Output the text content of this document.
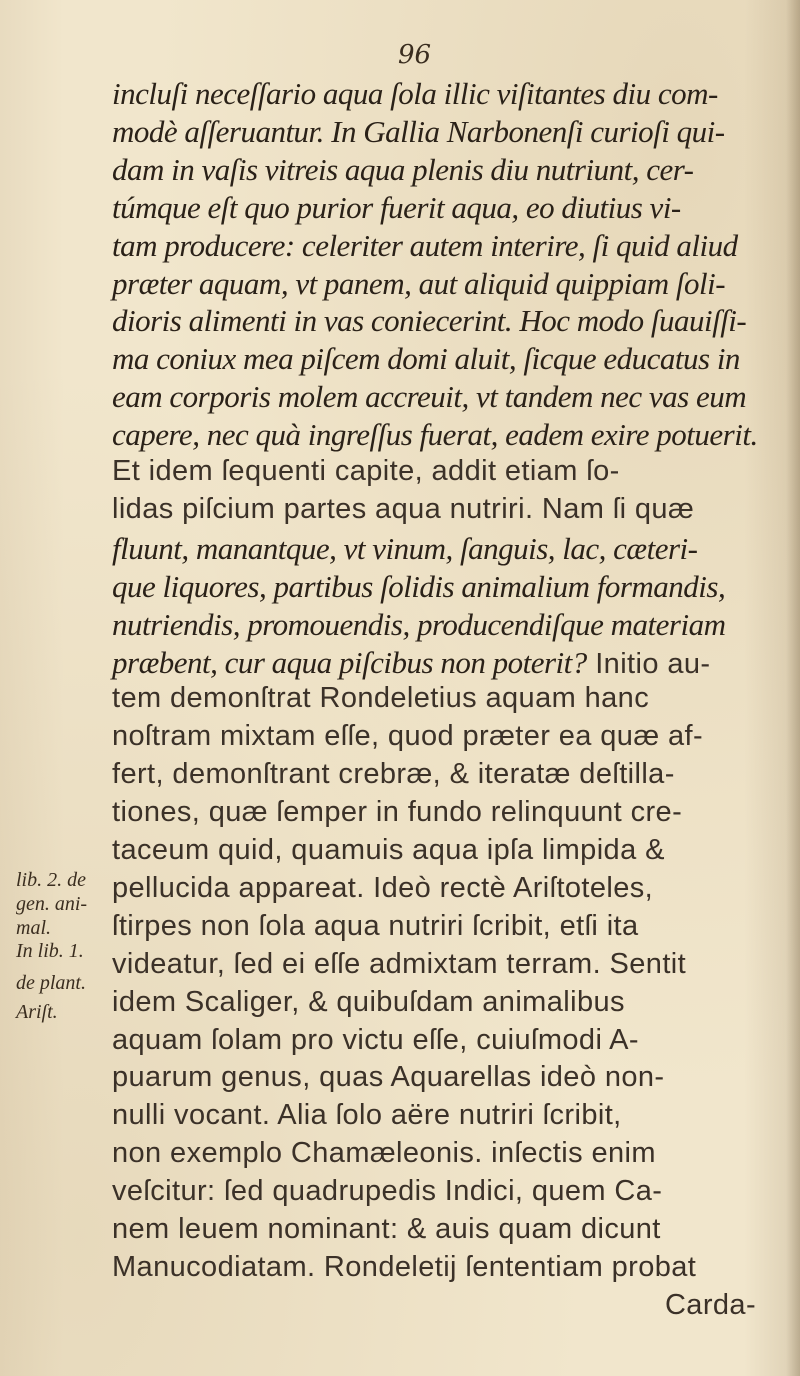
96
incluſi neceſſario aqua ſola illic viſitantes diu com-
modè aſſeruantur. In Gallia Narbonenſi curioſi qui-
dam in vaſis vitreis aqua plenis diu nutriunt, cer-
túmque eſt quo purior fuerit aqua, eo diutius vi-
tam producere: celeriter autem interire, ſi quid aliud
præter aquam, vt panem, aut aliquid quippiam ſoli-
dioris alimenti in vas coniecerint. Hoc modo ſuauiſſi-
ma coniux mea piſcem domi aluit, ſicque educatus in
eam corporis molem accreuit, vt tandem nec vas eum
capere, nec quà ingreſſus fuerat, eadem exire potuerit.
Et idem ſequenti capite, addit etiam ſo-
lidas piſcium partes aqua nutriri. Nam ſi quæ
fluunt, manantque, vt vinum, ſanguis, lac, cæteri-
que liquores, partibus ſolidis animalium formandis,
nutriendis, promouendis, producendiſque materiam
præbent, cur aqua piſcibus non poterit? Initio au-
tem demonſtrat Rondeletius aquam hanc
noſtram mixtam eſſe, quod præter ea quæ af-
fert, demonſtrant crebræ, & iteratæ deſtilla-
tiones, quæ ſemper in fundo relinquunt cre-
taceum quid, quamuis aqua ipſa limpida &
pellucida appareat. Ideò rectè Ariſtoteles,
ſtirpes non ſola aqua nutriri ſcribit, etſi ita
videatur, ſed ei eſſe admixtam terram. Sentit
idem Scaliger, & quibuſdam animalibus
aquam ſolam pro victu eſſe, cuiuſmodi A-
puarum genus, quas Aquarellas ideò non-
nulli vocant. Alia ſolo aëre nutriri ſcribit,
non exemplo Chamæleonis. inſectis enim
veſcitur: ſed quadrupedis Indici, quem Ca-
nem leuem nominant: & auis quam dicunt
Manucodiatam. Rondeletij ſententiam probat
Carda-
lib. 2. de
gen. ani-
mal.
In lib. 1.
de plant.
Ariſt.
